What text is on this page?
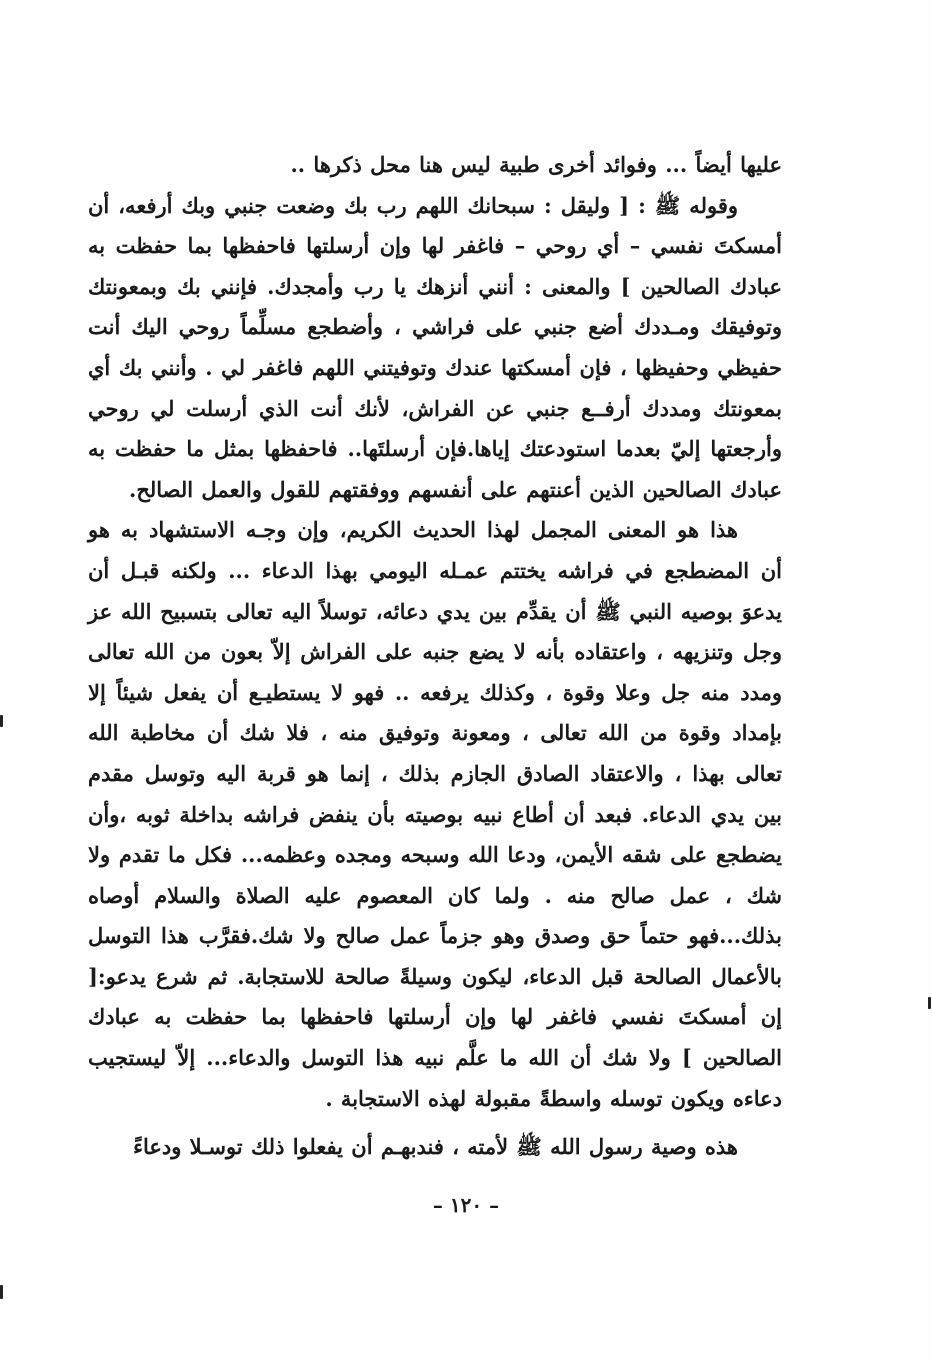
عليها أيضاً ... وفوائد أخرى طبية ليس هنا محل ذكرها ..

وقوله ﷺ : [ وليقل : سبحانك اللهم رب بك وضعت جنبي وبك أرفعه، أن أمسكتَ نفسي – أي روحي – فاغفر لها وإن أرسلتها فاحفظها بما حفظت به عبادك الصالحين ] والمعنى : أنني أنزهك يا رب وأمجدك. فإنني بك وبمعونتك وتوفيقك ومـددك أضع جنبي على فراشي ، وأضطجع مسلِّماً روحي اليك أنت حفيظي وحفيظها ، فإن أمسكتها عندك وتوفيتني اللهم فاغفر لي . وأنني بك أي بمعونتك ومددك أرفــع جنبي عن الفراش، لأنك أنت الذي أرسلت لي روحي وأرجعتها إليّ بعدما استودعتك إياها.فإن أرسلتَها.. فاحفظها بمثل ما حفظت به عبادك الصالحين الذين أعنتهم على أنفسهم ووفقتهم للقول والعمل الصالح.

هذا هو المعنى المجمل لهذا الحديث الكريم، وإن وجـه الاستشهاد به هو أن المضطجع في فراشه يختتم عمـله اليومي بهذا الدعاء ... ولكنه قبـل أن يدعوَ بوصيه النبي ﷺ أن يقدِّم بين يدي دعائه، توسلاً اليه تعالى بتسبيح الله عز وجل وتنزيهه ، واعتقاده بأنه لا يضع جنبه على الفراش إلاّ بعون من الله تعالى ومدد منه جل وعلا وقوة ، وكذلك يرفعه .. فهو لا يستطيـع أن يفعل شيئاً إلا بإمداد وقوة من الله تعالى ، ومعونة وتوفيق منه ، فلا شك أن مخاطبة الله تعالى بهذا ، والاعتقاد الصادق الجازم بذلك ، إنما هو قربة اليه وتوسل مقدم بين يدي الدعاء. فبعد أن أطاع نبيه بوصيته بأن ينفض فراشه بداخلة ثوبه ،وأن يضطجع على شقه الأيمن، ودعا الله وسبحه ومجده وعظمه... فكل ما تقدم ولا شك ، عمل صالح منه . ولما كان المعصوم عليه الصلاة والسلام أوصاه بذلك...فهو حتماً حق وصدق وهو جزماً عمل صالح ولا شك.فقرَّب هذا التوسل بالأعمال الصالحة قبل الدعاء، ليكون وسيلةً صالحة للاستجابة. ثم شرع يدعو:[ إن أمسكتَ نفسي فاغفر لها وإن أرسلتها فاحفظها بما حفظت به عبادك الصالحين ] ولا شك أن الله ما علَّم نبيه هذا التوسل والدعاء... إلاّ ليستجيب دعاءه ويكون توسله واسطةً مقبولة لهذه الاستجابة .

هذه وصية رسول الله ﷺ لأمته ، فندبهـم أن يفعلوا ذلك توسـلا ودعاءً

– ١٢٠ –
